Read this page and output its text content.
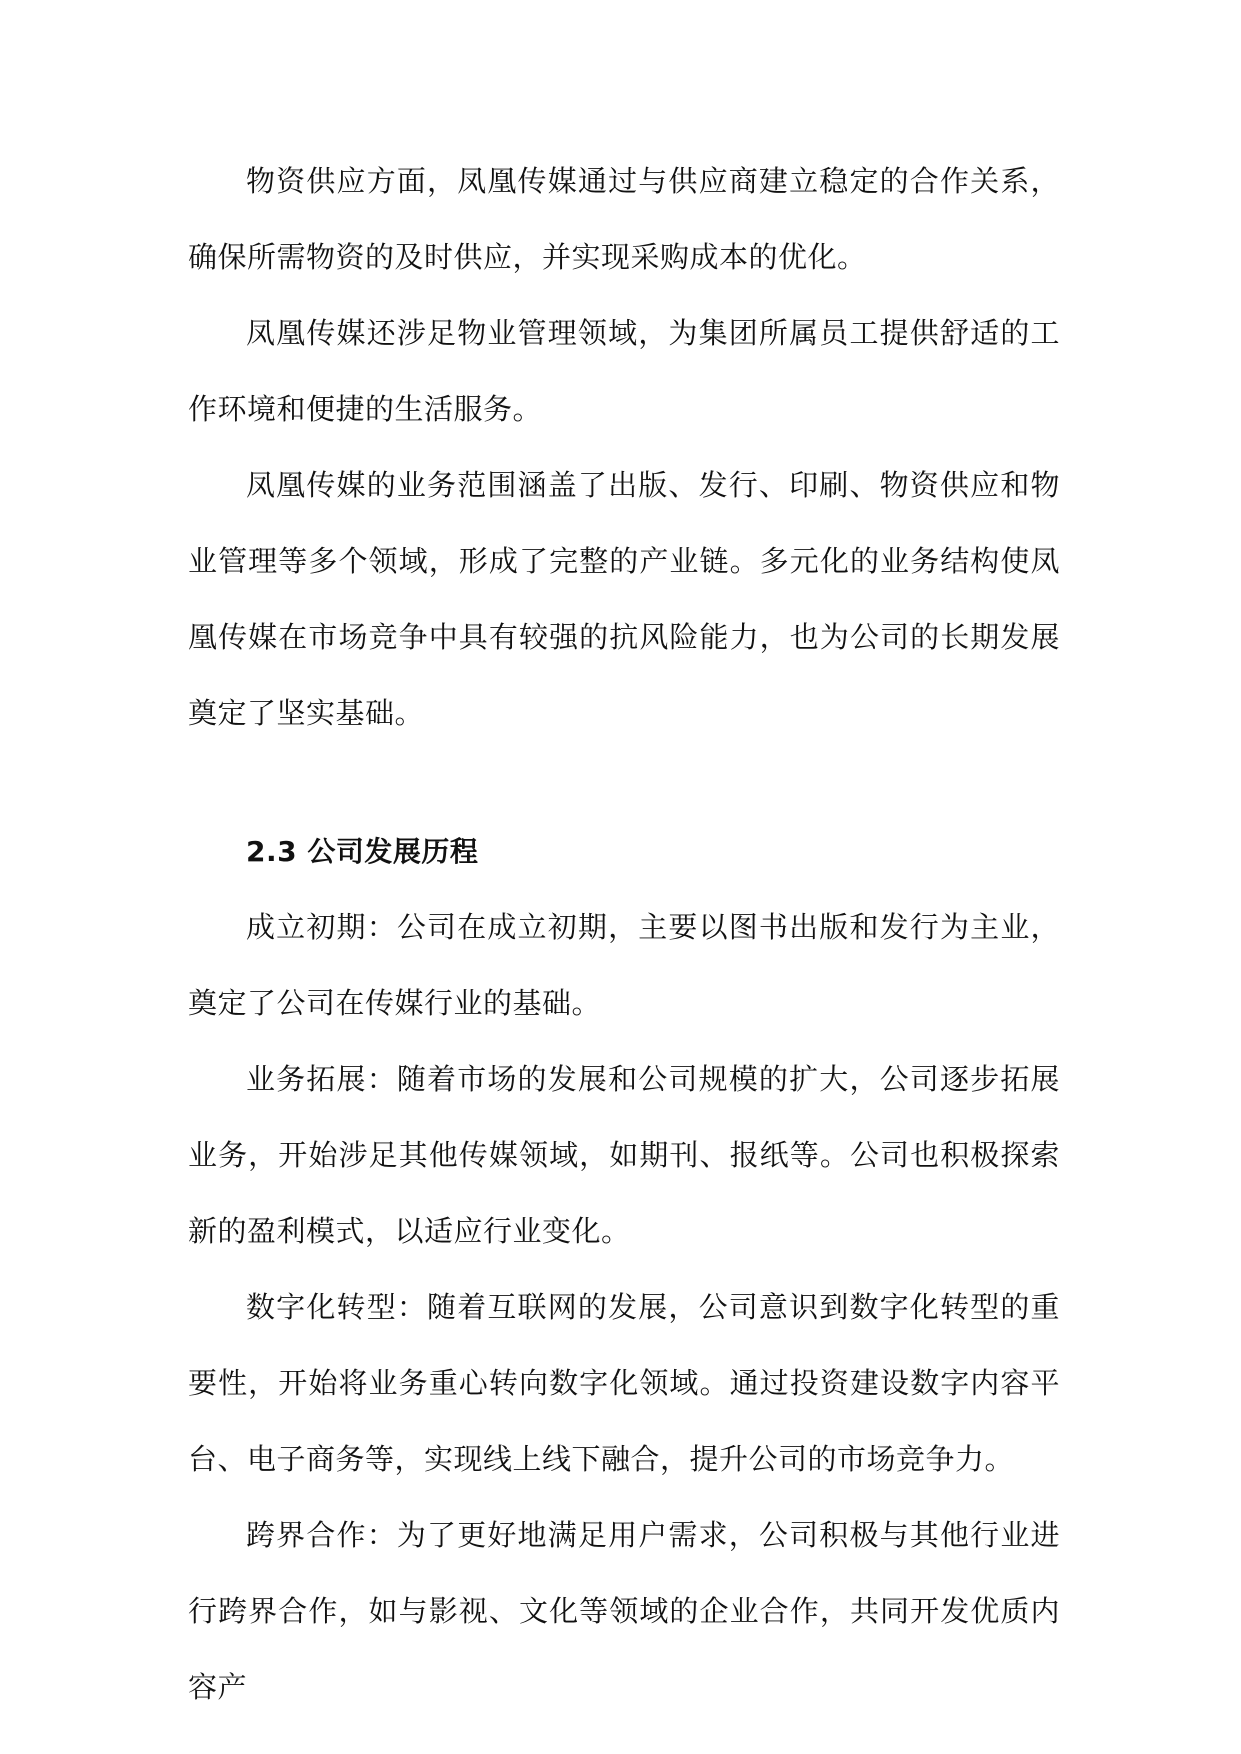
物资供应方面，凤凰传媒通过与供应商建立稳定的合作关系，确保所需物资的及时供应，并实现采购成本的优化。

凤凰传媒还涉足物业管理领域，为集团所属员工提供舒适的工作环境和便捷的生活服务。

凤凰传媒的业务范围涵盖了出版、发行、印刷、物资供应和物业管理等多个领域，形成了完整的产业链。多元化的业务结构使凤凰传媒在市场竞争中具有较强的抗风险能力，也为公司的长期发展奠定了坚实基础。

2.3 公司发展历程

成立初期：公司在成立初期，主要以图书出版和发行为主业，奠定了公司在传媒行业的基础。

业务拓展：随着市场的发展和公司规模的扩大，公司逐步拓展业务，开始涉足其他传媒领域，如期刊、报纸等。公司也积极探索新的盈利模式，以适应行业变化。

数字化转型：随着互联网的发展，公司意识到数字化转型的重要性，开始将业务重心转向数字化领域。通过投资建设数字内容平台、电子商务等，实现线上线下融合，提升公司的市场竞争力。

跨界合作：为了更好地满足用户需求，公司积极与其他行业进行跨界合作，如与影视、文化等领域的企业合作，共同开发优质内容产
